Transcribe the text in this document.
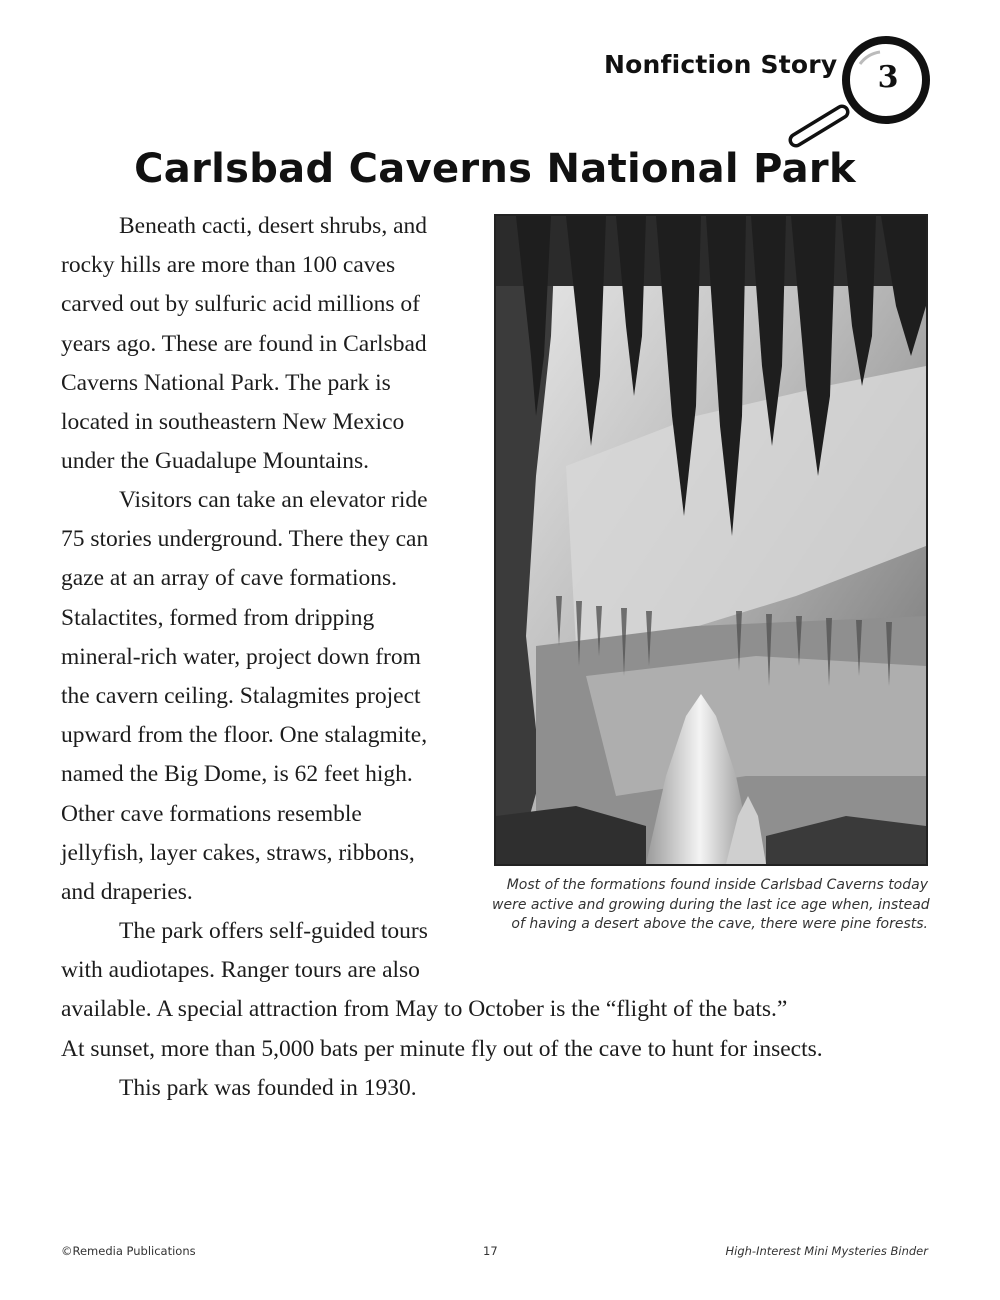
Nonfiction Story	3
Carlsbad Caverns National Park

Beneath cacti, desert shrubs, and
rocky hills are more than 100 caves
carved out by sulfuric acid millions of
years ago. These are found in Carlsbad
Caverns National Park. The park is
located in southeastern New Mexico
under the Guadalupe Mountains.

Visitors can take an elevator ride
75 stories underground. There they can
gaze at an array of cave formations.
Stalactites, formed from dripping
mineral-rich water, project down from
the cavern ceiling. Stalagmites project
upward from the floor. One stalagmite,
named the Big Dome, is 62 feet high.
Other cave formations resemble
jellyfish, layer cakes, straws, ribbons,
and draperies.

The park offers self-guided tours
with audiotapes. Ranger tours are also
available. A special attraction from May to October is the “flight of the bats.”
At sunset, more than 5,000 bats per minute fly out of the cave to hunt for insects.

This park was founded in 1930.

Most of the formations found inside Carlsbad Caverns today
were active and growing during the last ice age when, instead
of having a desert above the cave, there were pine forests.
©Remedia Publications	17	High-Interest Mini Mysteries Binder
